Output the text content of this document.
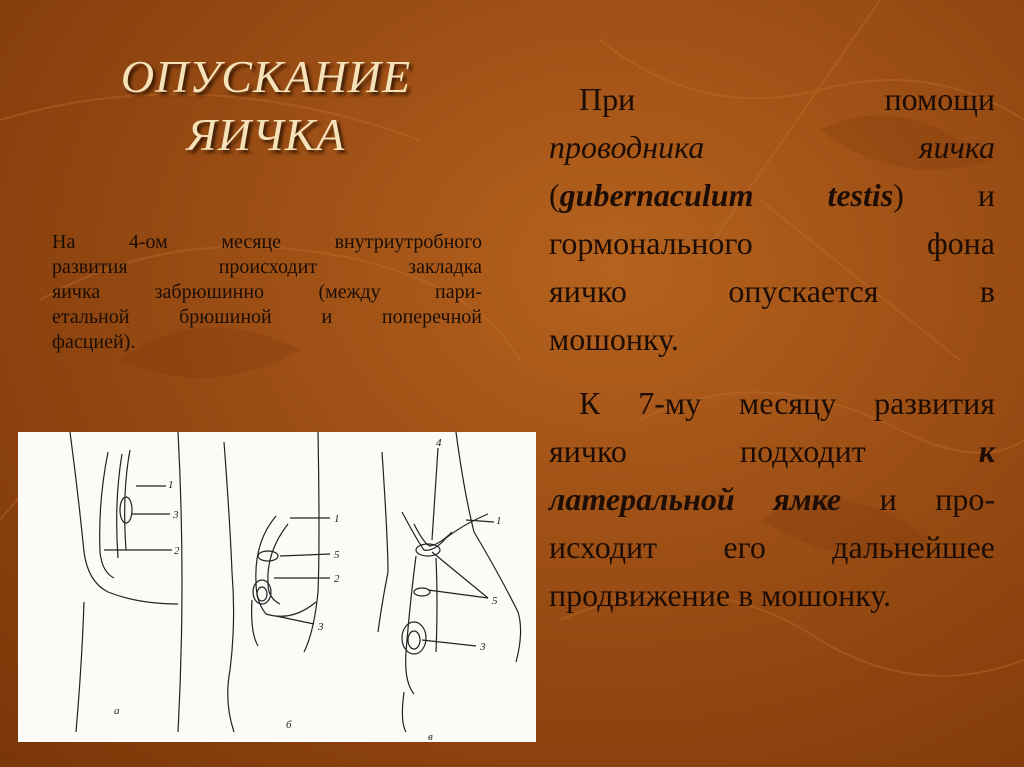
ОПУСКАНИЕ
ЯИЧКА
На 4-ом месяце внутриутробного
развития происходит закладка
яичка забрюшинно (между пари-
етальной брюшиной и поперечной
фасцией).
При помощи
проводника яичка
(gubernaculum testis) и
гормонального фона
яичко опускается в
мошонку.
К 7-му месяцу развития
яичко подходит к
латеральной ямке и про-
исходит его дальнейшее
продвижение в мошонку.
1
3
2
1
5
2
3
4
1
5
3
а
б
в
